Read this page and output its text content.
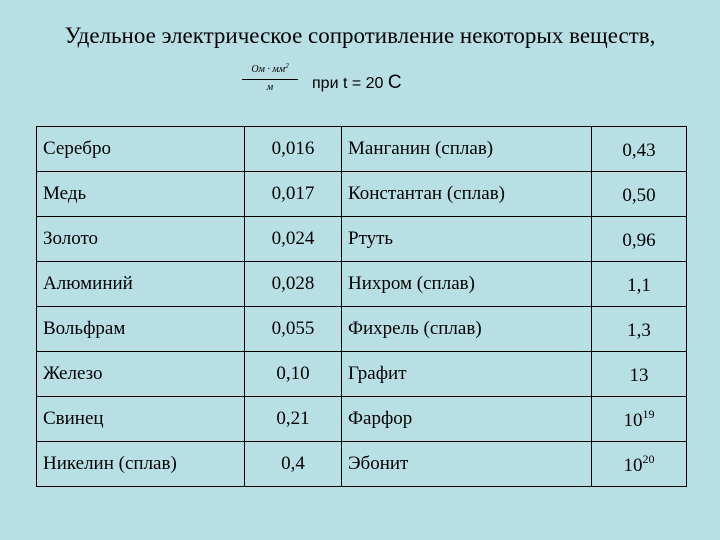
Удельное электрическое сопротивление некоторых веществ,
Ом · $мм^2$
м	при t = 20 С
Серебро	0,016	Манганин (сплав)	0,43
Медь	0,017	Константан (сплав)	0,50
Золото	0,024	Ртуть	0,96
Алюминий	0,028	Нихром (сплав)	1,1
Вольфрам	0,055	Фихрель (сплав)	1,3
Железо	0,10	Графит	13
Свинец	0,21	Фарфор	$10^{19}$
Никелин (сплав)	0,4	Эбонит	$10^{20}$
